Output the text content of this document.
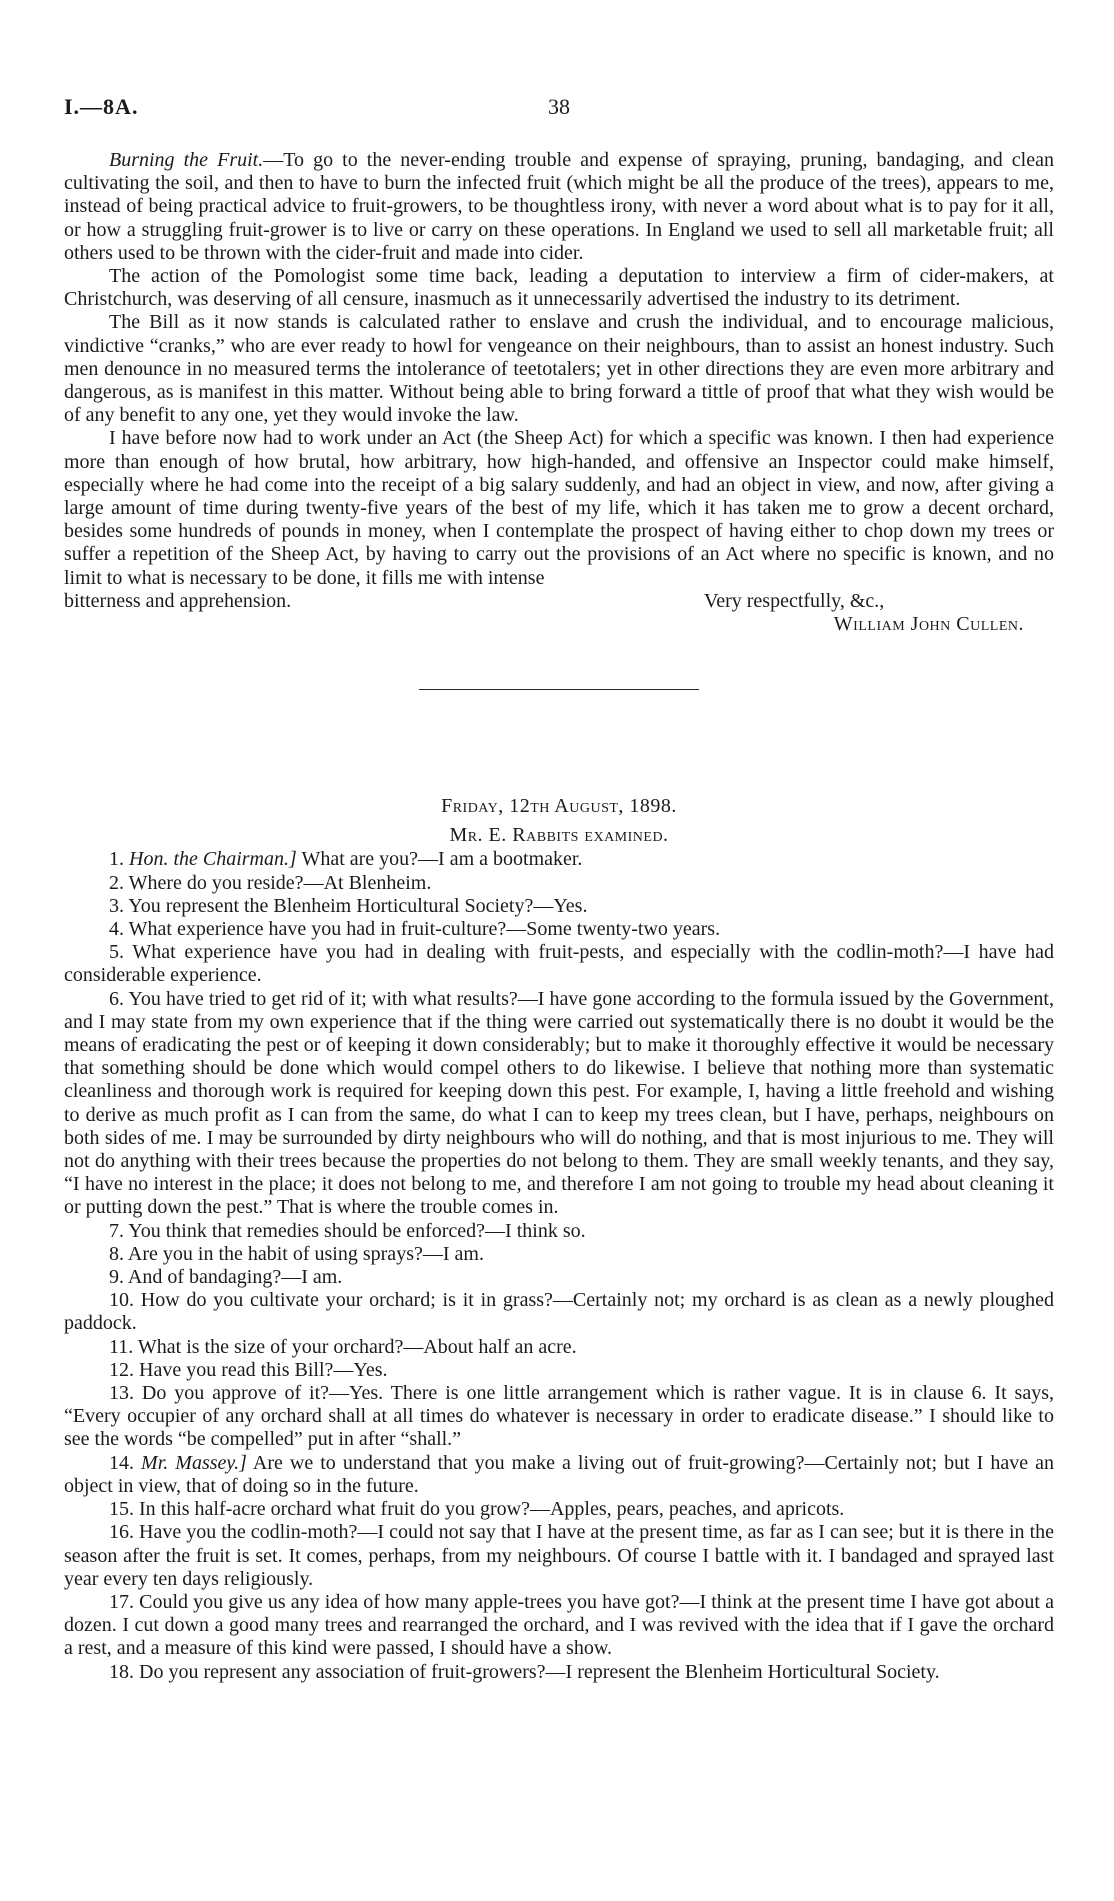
I.—8A.	38

Burning the Fruit.—To go to the never-ending trouble and expense of spraying, pruning, bandaging, and clean cultivating the soil, and then to have to burn the infected fruit (which might be all the produce of the trees), appears to me, instead of being practical advice to fruit-growers, to be thoughtless irony, with never a word about what is to pay for it all, or how a struggling fruit-grower is to live or carry on these operations. In England we used to sell all marketable fruit; all others used to be thrown with the cider-fruit and made into cider.

The action of the Pomologist some time back, leading a deputation to interview a firm of cider-makers, at Christchurch, was deserving of all censure, inasmuch as it unnecessarily advertised the industry to its detriment.

The Bill as it now stands is calculated rather to enslave and crush the individual, and to encourage malicious, vindictive “cranks,” who are ever ready to howl for vengeance on their neighbours, than to assist an honest industry. Such men denounce in no measured terms the intolerance of teetotalers; yet in other directions they are even more arbitrary and dangerous, as is manifest in this matter. Without being able to bring forward a tittle of proof that what they wish would be of any benefit to any one, yet they would invoke the law.

I have before now had to work under an Act (the Sheep Act) for which a specific was known. I then had experience more than enough of how brutal, how arbitrary, how high-handed, and offensive an Inspector could make himself, especially where he had come into the receipt of a big salary suddenly, and had an object in view, and now, after giving a large amount of time during twenty-five years of the best of my life, which it has taken me to grow a decent orchard, besides some hundreds of pounds in money, when I contemplate the prospect of having either to chop down my trees or suffer a repetition of the Sheep Act, by having to carry out the provisions of an Act where no specific is known, and no limit to what is necessary to be done, it fills me with intense

bitterness and apprehension.	Very respectfully, &c.,

William John Cullen.

Friday, 12th August, 1898.

Mr. E. Rabbits examined.

1. Hon. the Chairman.] What are you?—I am a bootmaker.

2. Where do you reside?—At Blenheim.

3. You represent the Blenheim Horticultural Society?—Yes.

4. What experience have you had in fruit-culture?—Some twenty-two years.

5. What experience have you had in dealing with fruit-pests, and especially with the codlin-moth?—I have had considerable experience.

6. You have tried to get rid of it; with what results?—I have gone according to the formula issued by the Government, and I may state from my own experience that if the thing were carried out systematically there is no doubt it would be the means of eradicating the pest or of keeping it down considerably; but to make it thoroughly effective it would be necessary that something should be done which would compel others to do likewise. I believe that nothing more than systematic cleanliness and thorough work is required for keeping down this pest. For example, I, having a little freehold and wishing to derive as much profit as I can from the same, do what I can to keep my trees clean, but I have, perhaps, neighbours on both sides of me. I may be surrounded by dirty neighbours who will do nothing, and that is most injurious to me. They will not do anything with their trees because the properties do not belong to them. They are small weekly tenants, and they say, “I have no interest in the place; it does not belong to me, and therefore I am not going to trouble my head about cleaning it or putting down the pest.” That is where the trouble comes in.

7. You think that remedies should be enforced?—I think so.

8. Are you in the habit of using sprays?—I am.

9. And of bandaging?—I am.

10. How do you cultivate your orchard; is it in grass?—Certainly not; my orchard is as clean as a newly ploughed paddock.

11. What is the size of your orchard?—About half an acre.

12. Have you read this Bill?—Yes.

13. Do you approve of it?—Yes. There is one little arrangement which is rather vague. It is in clause 6. It says, “Every occupier of any orchard shall at all times do whatever is necessary in order to eradicate disease.” I should like to see the words “be compelled” put in after “shall.”

14. Mr. Massey.] Are we to understand that you make a living out of fruit-growing?—Certainly not; but I have an object in view, that of doing so in the future.

15. In this half-acre orchard what fruit do you grow?—Apples, pears, peaches, and apricots.

16. Have you the codlin-moth?—I could not say that I have at the present time, as far as I can see; but it is there in the season after the fruit is set. It comes, perhaps, from my neighbours. Of course I battle with it. I bandaged and sprayed last year every ten days religiously.

17. Could you give us any idea of how many apple-trees you have got?—I think at the present time I have got about a dozen. I cut down a good many trees and rearranged the orchard, and I was revived with the idea that if I gave the orchard a rest, and a measure of this kind were passed, I should have a show.

18. Do you represent any association of fruit-growers?—I represent the Blenheim Horticultural Society.
